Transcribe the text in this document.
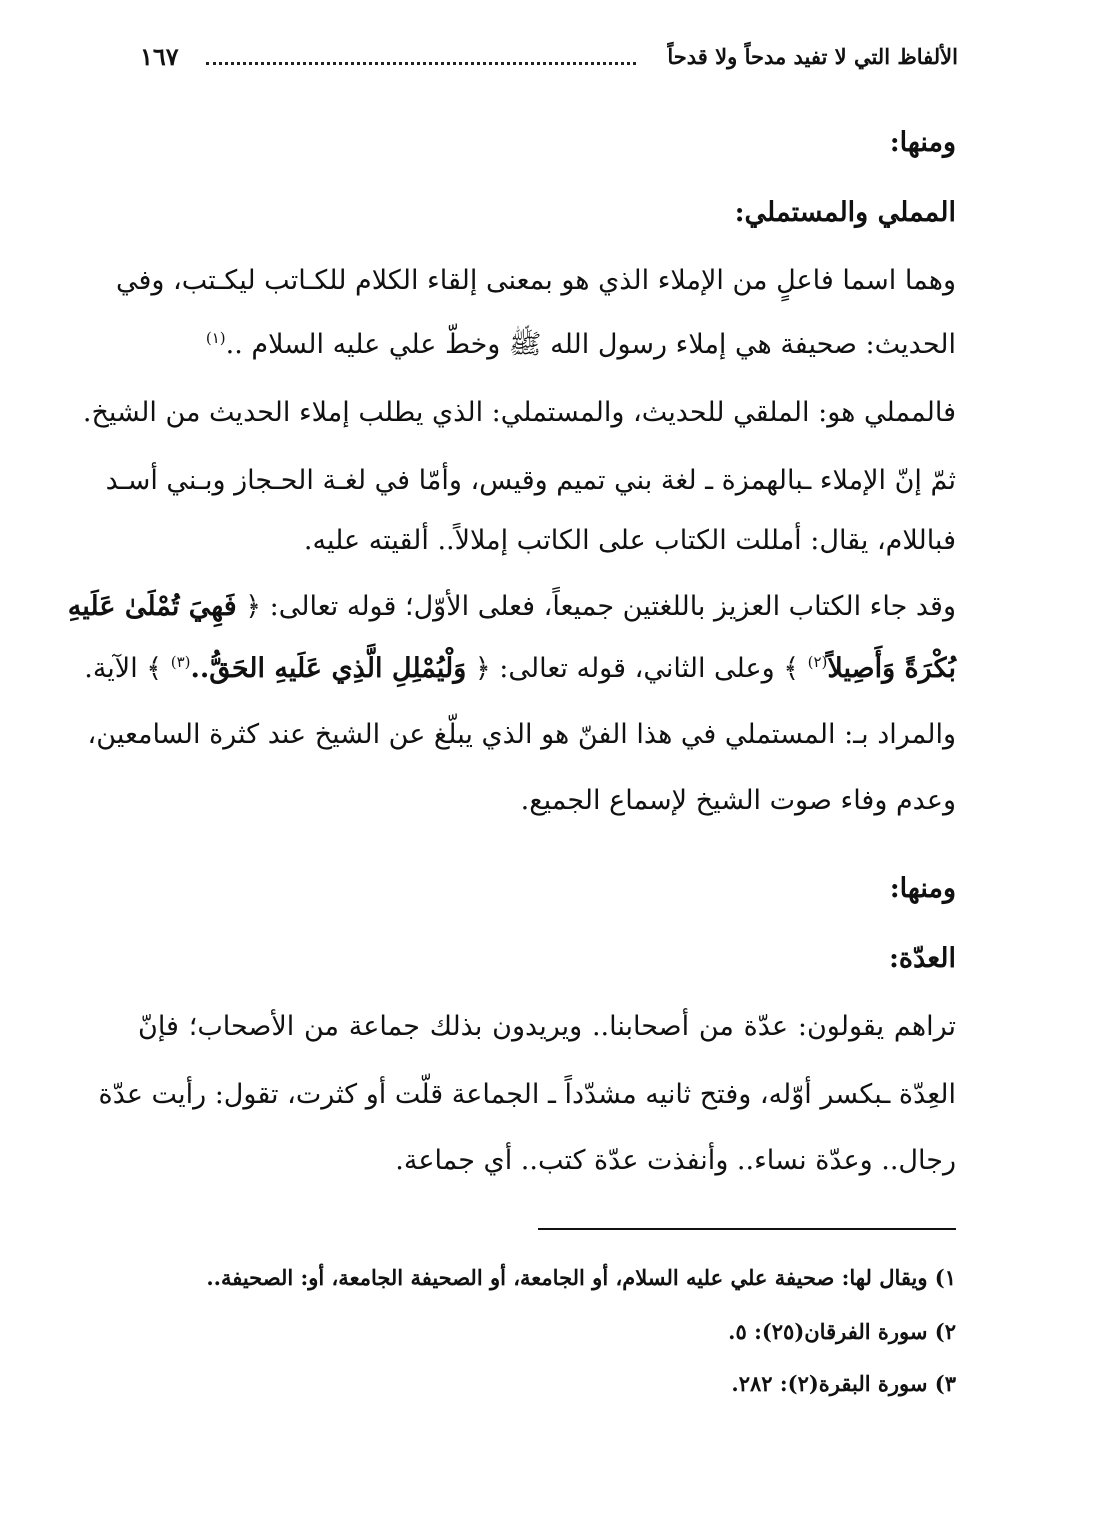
الألفاظ التي لا تفيد مدحاً ولا قدحاً
١٦٧
ومنها:
المملي والمستملي:
وهما اسما فاعلٍ من الإملاء الذي هو بمعنى إلقاء الكلام للكـاتب ليكـتب، وفي
الحديث: صحيفة هي إملاء رسول الله ﷺ وخطّ علي عليه السلام ..$^{(١)}$
فالمملي هو: الملقي للحديث، والمستملي: الذي يطلب إملاء الحديث من الشيخ.
ثمّ إنّ الإملاء ـبالهمزة ـ لغة بني تميم وقيس، وأمّا في لغـة الحـجاز وبـني أسـد
فباللام، يقال: أمللت الكتاب على الكاتب إملالاً.. ألقيته عليه.
وقد جاء الكتاب العزيز باللغتين جميعاً، فعلى الأوّل؛ قوله تعالى: ﴿ فَهِيَ تُمْلَىٰ عَلَيهِ
بُكْرَةً وَأَصِيلاً$^{(٢)}$ ﴾ وعلى الثاني، قوله تعالى: ﴿ وَلْيُمْلِلِ الَّذِي عَلَيهِ الحَقُّ..$^{(٣)}$ ﴾ الآية.
والمراد بـ: المستملي في هذا الفنّ هو الذي يبلّغ عن الشيخ عند كثرة السامعين،
وعدم وفاء صوت الشيخ لإسماع الجميع.
ومنها:
العدّة:
تراهم يقولون: عدّة من أصحابنا.. ويريدون بذلك جماعة من الأصحاب؛ فإنّ
العِدّة ـبكسر أوّله، وفتح ثانيه مشدّداً ـ الجماعة قلّت أو كثرت، تقول: رأيت عدّة
رجال.. وعدّة نساء.. وأنفذت عدّة كتب.. أي جماعة.
١) ويقال لها: صحيفة علي عليه السلام، أو الجامعة، أو الصحيفة الجامعة، أو: الصحيفة..
٢) سورة الفرقان(٢٥): ٥.
٣) سورة البقرة(٢): ٢٨٢.
